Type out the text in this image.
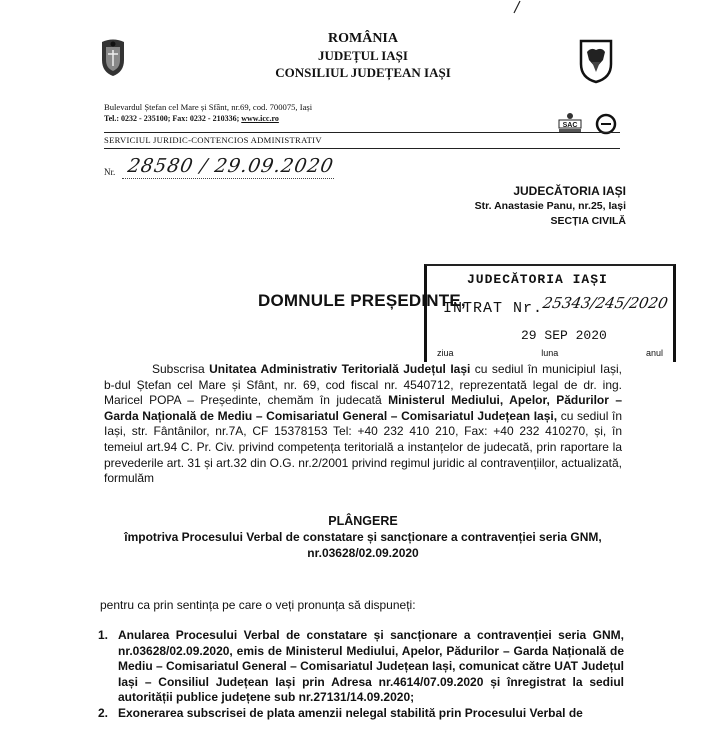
ROMÂNIA
JUDEȚUL IAȘI
CONSILIUL JUDEȚEAN IAȘI
Bulevardul Ștefan cel Mare și Sfânt, nr.69, cod. 700075, Iași
Tel.: 0232 - 235100; Fax: 0232 - 210336; www.icc.ro
SAC
SERVICIUL JURIDIC-CONTENCIOS ADMINISTRATIV
Nr. 28580 / 29.09.2020
JUDECĂTORIA IAȘI
Str. Anastasie Panu, nr.25, Iași
SECȚIA CIVILĂ
JUDECĂTORIA IAȘI
INTRAT Nr.
25343/245/2020
29 SEP 2020
ziua	luna	anul
DOMNULE PREȘEDINTE,
Subscrisa Unitatea Administrativ Teritorială Județul Iași cu sediul în municipiul Iași, b-dul Ștefan cel Mare și Sfânt, nr. 69, cod fiscal nr. 4540712, reprezentată legal de dr. ing. Maricel POPA – Președinte, chemăm în judecată Ministerul Mediului, Apelor, Pădurilor – Garda Națională de Mediu – Comisariatul General – Comisariatul Județean Iași, cu sediul în Iași, str. Fântânilor, nr.7A, CF 15378153 Tel: +40 232 410 210, Fax: +40 232 410270, și, în temeiul art.94 C. Pr. Civ. privind competența teritorială a instanțelor de judecată, prin raportare la prevederile art. 31 și art.32 din O.G. nr.2/2001 privind regimul juridic al contravențiilor, actualizată, formulăm
PLÂNGERE
împotriva Procesului Verbal de constatare și sancționare a contravenției seria GNM,
nr.03628/02.09.2020
pentru ca prin sentința pe care o veți pronunța să dispuneți:
1. Anularea Procesului Verbal de constatare și sancționare a contravenției seria GNM, nr.03628/02.09.2020, emis de Ministerul Mediului, Apelor, Pădurilor – Garda Națională de Mediu – Comisariatul General – Comisariatul Județean Iași, comunicat către UAT Județul Iași – Consiliul Județean Iași prin Adresa nr.4614/07.09.2020 și înregistrat la sediul autorității publice județene sub nr.27131/14.09.2020;
2. Exonerarea subscrisei de plata amenzii nelegal stabilită prin Procesului Verbal de
